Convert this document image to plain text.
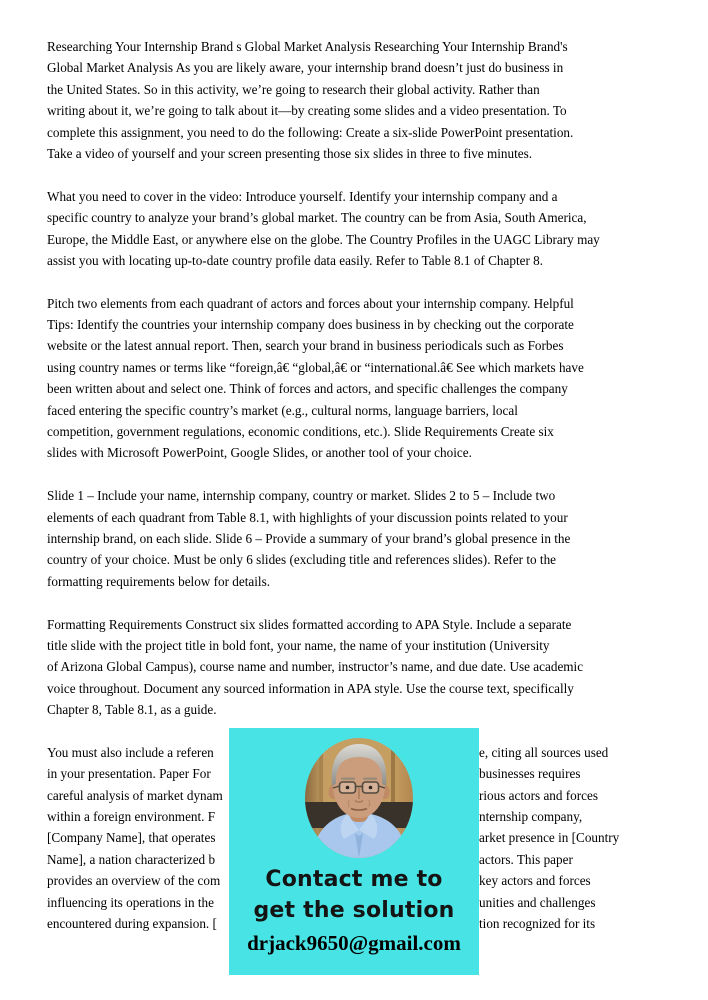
Researching Your Internship Brand s Global Market Analysis Researching Your Internship Brand's
Global Market Analysis As you are likely aware, your internship brand doesn’t just do business in
the United States. So in this activity, we’re going to research their global activity. Rather than
writing about it, we’re going to talk about it—by creating some slides and a video presentation. To
complete this assignment, you need to do the following: Create a six-slide PowerPoint presentation.
Take a video of yourself and your screen presenting those six slides in three to five minutes.
What you need to cover in the video: Introduce yourself. Identify your internship company and a
specific country to analyze your brand’s global market. The country can be from Asia, South America,
Europe, the Middle East, or anywhere else on the globe. The Country Profiles in the UAGC Library may
assist you with locating up-to-date country profile data easily. Refer to Table 8.1 of Chapter 8.
Pitch two elements from each quadrant of actors and forces about your internship company. Helpful
Tips: Identify the countries your internship company does business in by checking out the corporate
website or the latest annual report. Then, search your brand in business periodicals such as Forbes
using country names or terms like “foreign,â€ “global,â€ or “international.â€ See which markets have
been written about and select one. Think of forces and actors, and specific challenges the company
faced entering the specific country’s market (e.g., cultural norms, language barriers, local
competition, government regulations, economic conditions, etc.). Slide Requirements Create six
slides with Microsoft PowerPoint, Google Slides, or another tool of your choice.
Slide 1 – Include your name, internship company, country or market. Slides 2 to 5 – Include two
elements of each quadrant from Table 8.1, with highlights of your discussion points related to your
internship brand, on each slide. Slide 6 – Provide a summary of your brand’s global presence in the
country of your choice. Must be only 6 slides (excluding title and references slides). Refer to the
formatting requirements below for details.
Formatting Requirements Construct six slides formatted according to APA Style. Include a separate
title slide with the project title in bold font, your name, the name of your institution (University
of Arizona Global Campus), course name and number, instructor’s name, and due date. Use academic
voice throughout. Document any sourced information in APA style. Use the course text, specifically
Chapter 8, Table 8.1, as a guide.
You must also include a referen	e, citing all sources used
in your presentation. Paper For	businesses requires
careful analysis of market dynam	rious actors and forces
within a foreign environment. F	nternship company,
[Company Name], that operates	arket presence in [Country
Name], a nation characterized b	actors. This paper
provides an overview of the com	key actors and forces
influencing its operations in the	unities and challenges
encountered during expansion. [	tion recognized for its
Contact me to
get the solution
drjack9650@gmail.com
